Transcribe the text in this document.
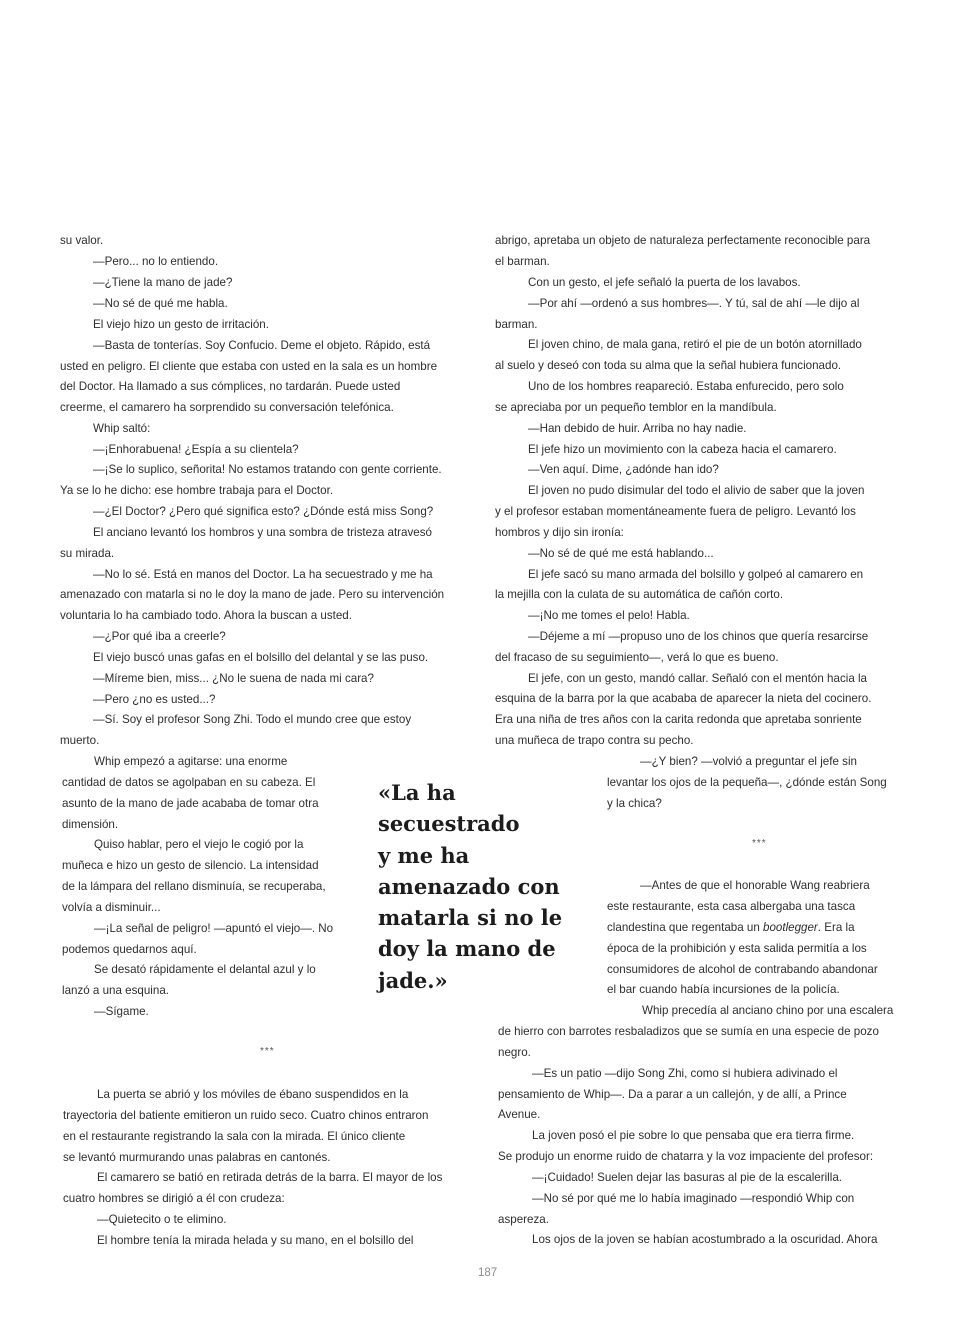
su valor.

—Pero... no lo entiendo.

—¿Tiene la mano de jade?

—No sé de qué me habla.

El viejo hizo un gesto de irritación.

—Basta de tonterías. Soy Confucio. Deme el objeto. Rápido, está

usted en peligro. El cliente que estaba con usted en la sala es un hombre

del Doctor. Ha llamado a sus cómplices, no tardarán. Puede usted

creerme, el camarero ha sorprendido su conversación telefónica.

Whip saltó:

—¡Enhorabuena! ¿Espía a su clientela?

—¡Se lo suplico, señorita! No estamos tratando con gente corriente.

Ya se lo he dicho: ese hombre trabaja para el Doctor.

—¿El Doctor? ¿Pero qué significa esto? ¿Dónde está miss Song?

El anciano levantó los hombros y una sombra de tristeza atravesó

su mirada.

—No lo sé. Está en manos del Doctor. La ha secuestrado y me ha

amenazado con matarla si no le doy la mano de jade. Pero su intervención

voluntaria lo ha cambiado todo. Ahora la buscan a usted.

—¿Por qué iba a creerle?

El viejo buscó unas gafas en el bolsillo del delantal y se las puso.

—Míreme bien, miss... ¿No le suena de nada mi cara?

—Pero ¿no es usted...?

—Sí. Soy el profesor Song Zhi. Todo el mundo cree que estoy

muerto.

Whip empezó a agitarse: una enorme

cantidad de datos se agolpaban en su cabeza. El

asunto de la mano de jade acababa de tomar otra

dimensión.

Quiso hablar, pero el viejo le cogió por la

muñeca e hizo un gesto de silencio. La intensidad

de la lámpara del rellano disminuía, se recuperaba,

volvía a disminuir...

—¡La señal de peligro! —apuntó el viejo—. No

podemos quedarnos aquí.

Se desató rápidamente el delantal azul y lo

lanzó a una esquina.

—Sígame.

***

La puerta se abrió y los móviles de ébano suspendidos en la

trayectoria del batiente emitieron un ruido seco. Cuatro chinos entraron

en el restaurante registrando la sala con la mirada. El único cliente

se levantó murmurando unas palabras en cantonés.

El camarero se batió en retirada detrás de la barra. El mayor de los

cuatro hombres se dirigió a él con crudeza:

—Quietecito o te elimino.

El hombre tenía la mirada helada y su mano, en el bolsillo del

«La ha
secuestrado
y me ha
amenazado con
matarla si no le
doy la mano de
jade.»

abrigo, apretaba un objeto de naturaleza perfectamente reconocible para

el barman.

Con un gesto, el jefe señaló la puerta de los lavabos.

—Por ahí —ordenó a sus hombres—. Y tú, sal de ahí —le dijo al

barman.

El joven chino, de mala gana, retiró el pie de un botón atornillado

al suelo y deseó con toda su alma que la señal hubiera funcionado.

Uno de los hombres reapareció. Estaba enfurecido, pero solo

se apreciaba por un pequeño temblor en la mandíbula.

—Han debido de huir. Arriba no hay nadie.

El jefe hizo un movimiento con la cabeza hacia el camarero.

—Ven aquí. Dime, ¿adónde han ido?

El joven no pudo disimular del todo el alivio de saber que la joven

y el profesor estaban momentáneamente fuera de peligro. Levantó los

hombros y dijo sin ironía:

—No sé de qué me está hablando...

El jefe sacó su mano armada del bolsillo y golpeó al camarero en

la mejilla con la culata de su automática de cañón corto.

—¡No me tomes el pelo! Habla.

—Déjeme a mí —propuso uno de los chinos que quería resarcirse

del fracaso de su seguimiento—, verá lo que es bueno.

El jefe, con un gesto, mandó callar. Señaló con el mentón hacia la

esquina de la barra por la que acababa de aparecer la nieta del cocinero.

Era una niña de tres años con la carita redonda que apretaba sonriente

una muñeca de trapo contra su pecho.

—¿Y bien? —volvió a preguntar el jefe sin

levantar los ojos de la pequeña—, ¿dónde están Song

y la chica?

***

—Antes de que el honorable Wang reabriera

este restaurante, esta casa albergaba una tasca

clandestina que regentaba un bootlegger. Era la

época de la prohibición y esta salida permitía a los

consumidores de alcohol de contrabando abandonar

el bar cuando había incursiones de la policía.

Whip precedía al anciano chino por una escalera

de hierro con barrotes resbaladizos que se sumía en una especie de pozo

negro.

—Es un patio —dijo Song Zhi, como si hubiera adivinado el

pensamiento de Whip—. Da a parar a un callejón, y de allí, a Prince

Avenue.

La joven posó el pie sobre lo que pensaba que era tierra firme.

Se produjo un enorme ruido de chatarra y la voz impaciente del profesor:

—¡Cuidado! Suelen dejar las basuras al pie de la escalerilla.

—No sé por qué me lo había imaginado —respondió Whip con

aspereza.

Los ojos de la joven se habían acostumbrado a la oscuridad. Ahora

187
